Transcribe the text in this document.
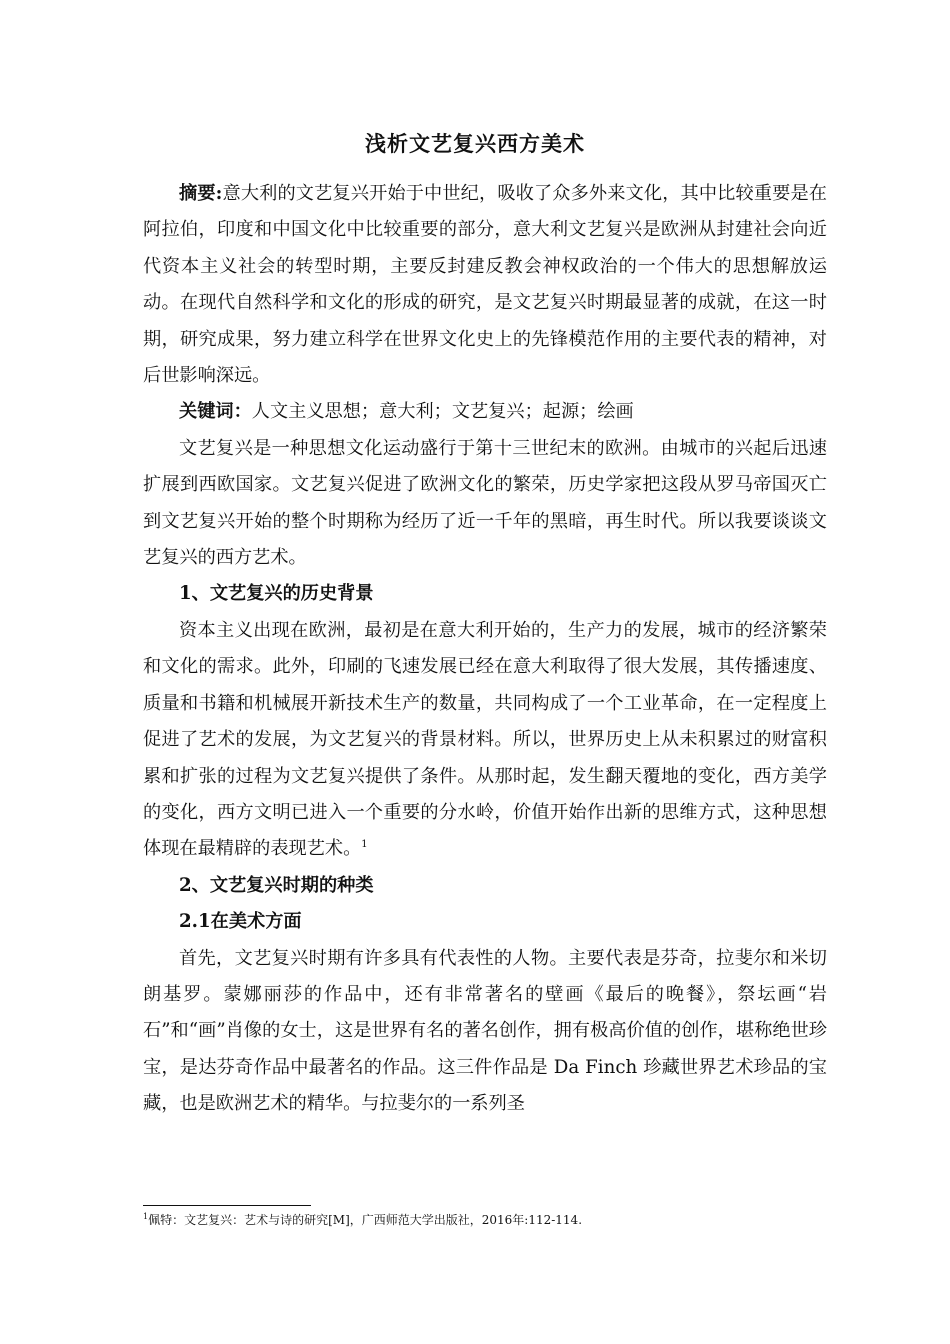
浅析文艺复兴西方美术

摘要:意大利的文艺复兴开始于中世纪，吸收了众多外来文化，其中比较重要是在阿拉伯，印度和中国文化中比较重要的部分，意大利文艺复兴是欧洲从封建社会向近代资本主义社会的转型时期，主要反封建反教会神权政治的一个伟大的思想解放运动。在现代自然科学和文化的形成的研究，是文艺复兴时期最显著的成就，在这一时期，研究成果，努力建立科学在世界文化史上的先锋模范作用的主要代表的精神，对后世影响深远。

关键词：人文主义思想；意大利；文艺复兴；起源；绘画

文艺复兴是一种思想文化运动盛行于第十三世纪末的欧洲。由城市的兴起后迅速扩展到西欧国家。文艺复兴促进了欧洲文化的繁荣，历史学家把这段从罗马帝国灭亡到文艺复兴开始的整个时期称为经历了近一千年的黑暗，再生时代。所以我要谈谈文艺复兴的西方艺术。

1、文艺复兴的历史背景

资本主义出现在欧洲，最初是在意大利开始的，生产力的发展，城市的经济繁荣和文化的需求。此外，印刷的飞速发展已经在意大利取得了很大发展，其传播速度、质量和书籍和机械展开新技术生产的数量，共同构成了一个工业革命，在一定程度上促进了艺术的发展，为文艺复兴的背景材料。所以，世界历史上从未积累过的财富积累和扩张的过程为文艺复兴提供了条件。从那时起，发生翻天覆地的变化，西方美学的变化，西方文明已进入一个重要的分水岭，价值开始作出新的思维方式，这种思想体现在最精辟的表现艺术。$^1$

2、文艺复兴时期的种类

2.1在美术方面

首先，文艺复兴时期有许多具有代表性的人物。主要代表是芬奇，拉斐尔和米切朗基罗。蒙娜丽莎的作品中，还有非常著名的壁画《最后的晚餐》，祭坛画“岩石”和“画”肖像的女士，这是世界有名的著名创作，拥有极高价值的创作，堪称绝世珍宝，是达芬奇作品中最著名的作品。这三件作品是 Da Finch 珍藏世界艺术珍品的宝藏，也是欧洲艺术的精华。与拉斐尔的一系列圣

$^1$佩特：文艺复兴：艺术与诗的研究[M]，广西师范大学出版社，2016年:112-114.
